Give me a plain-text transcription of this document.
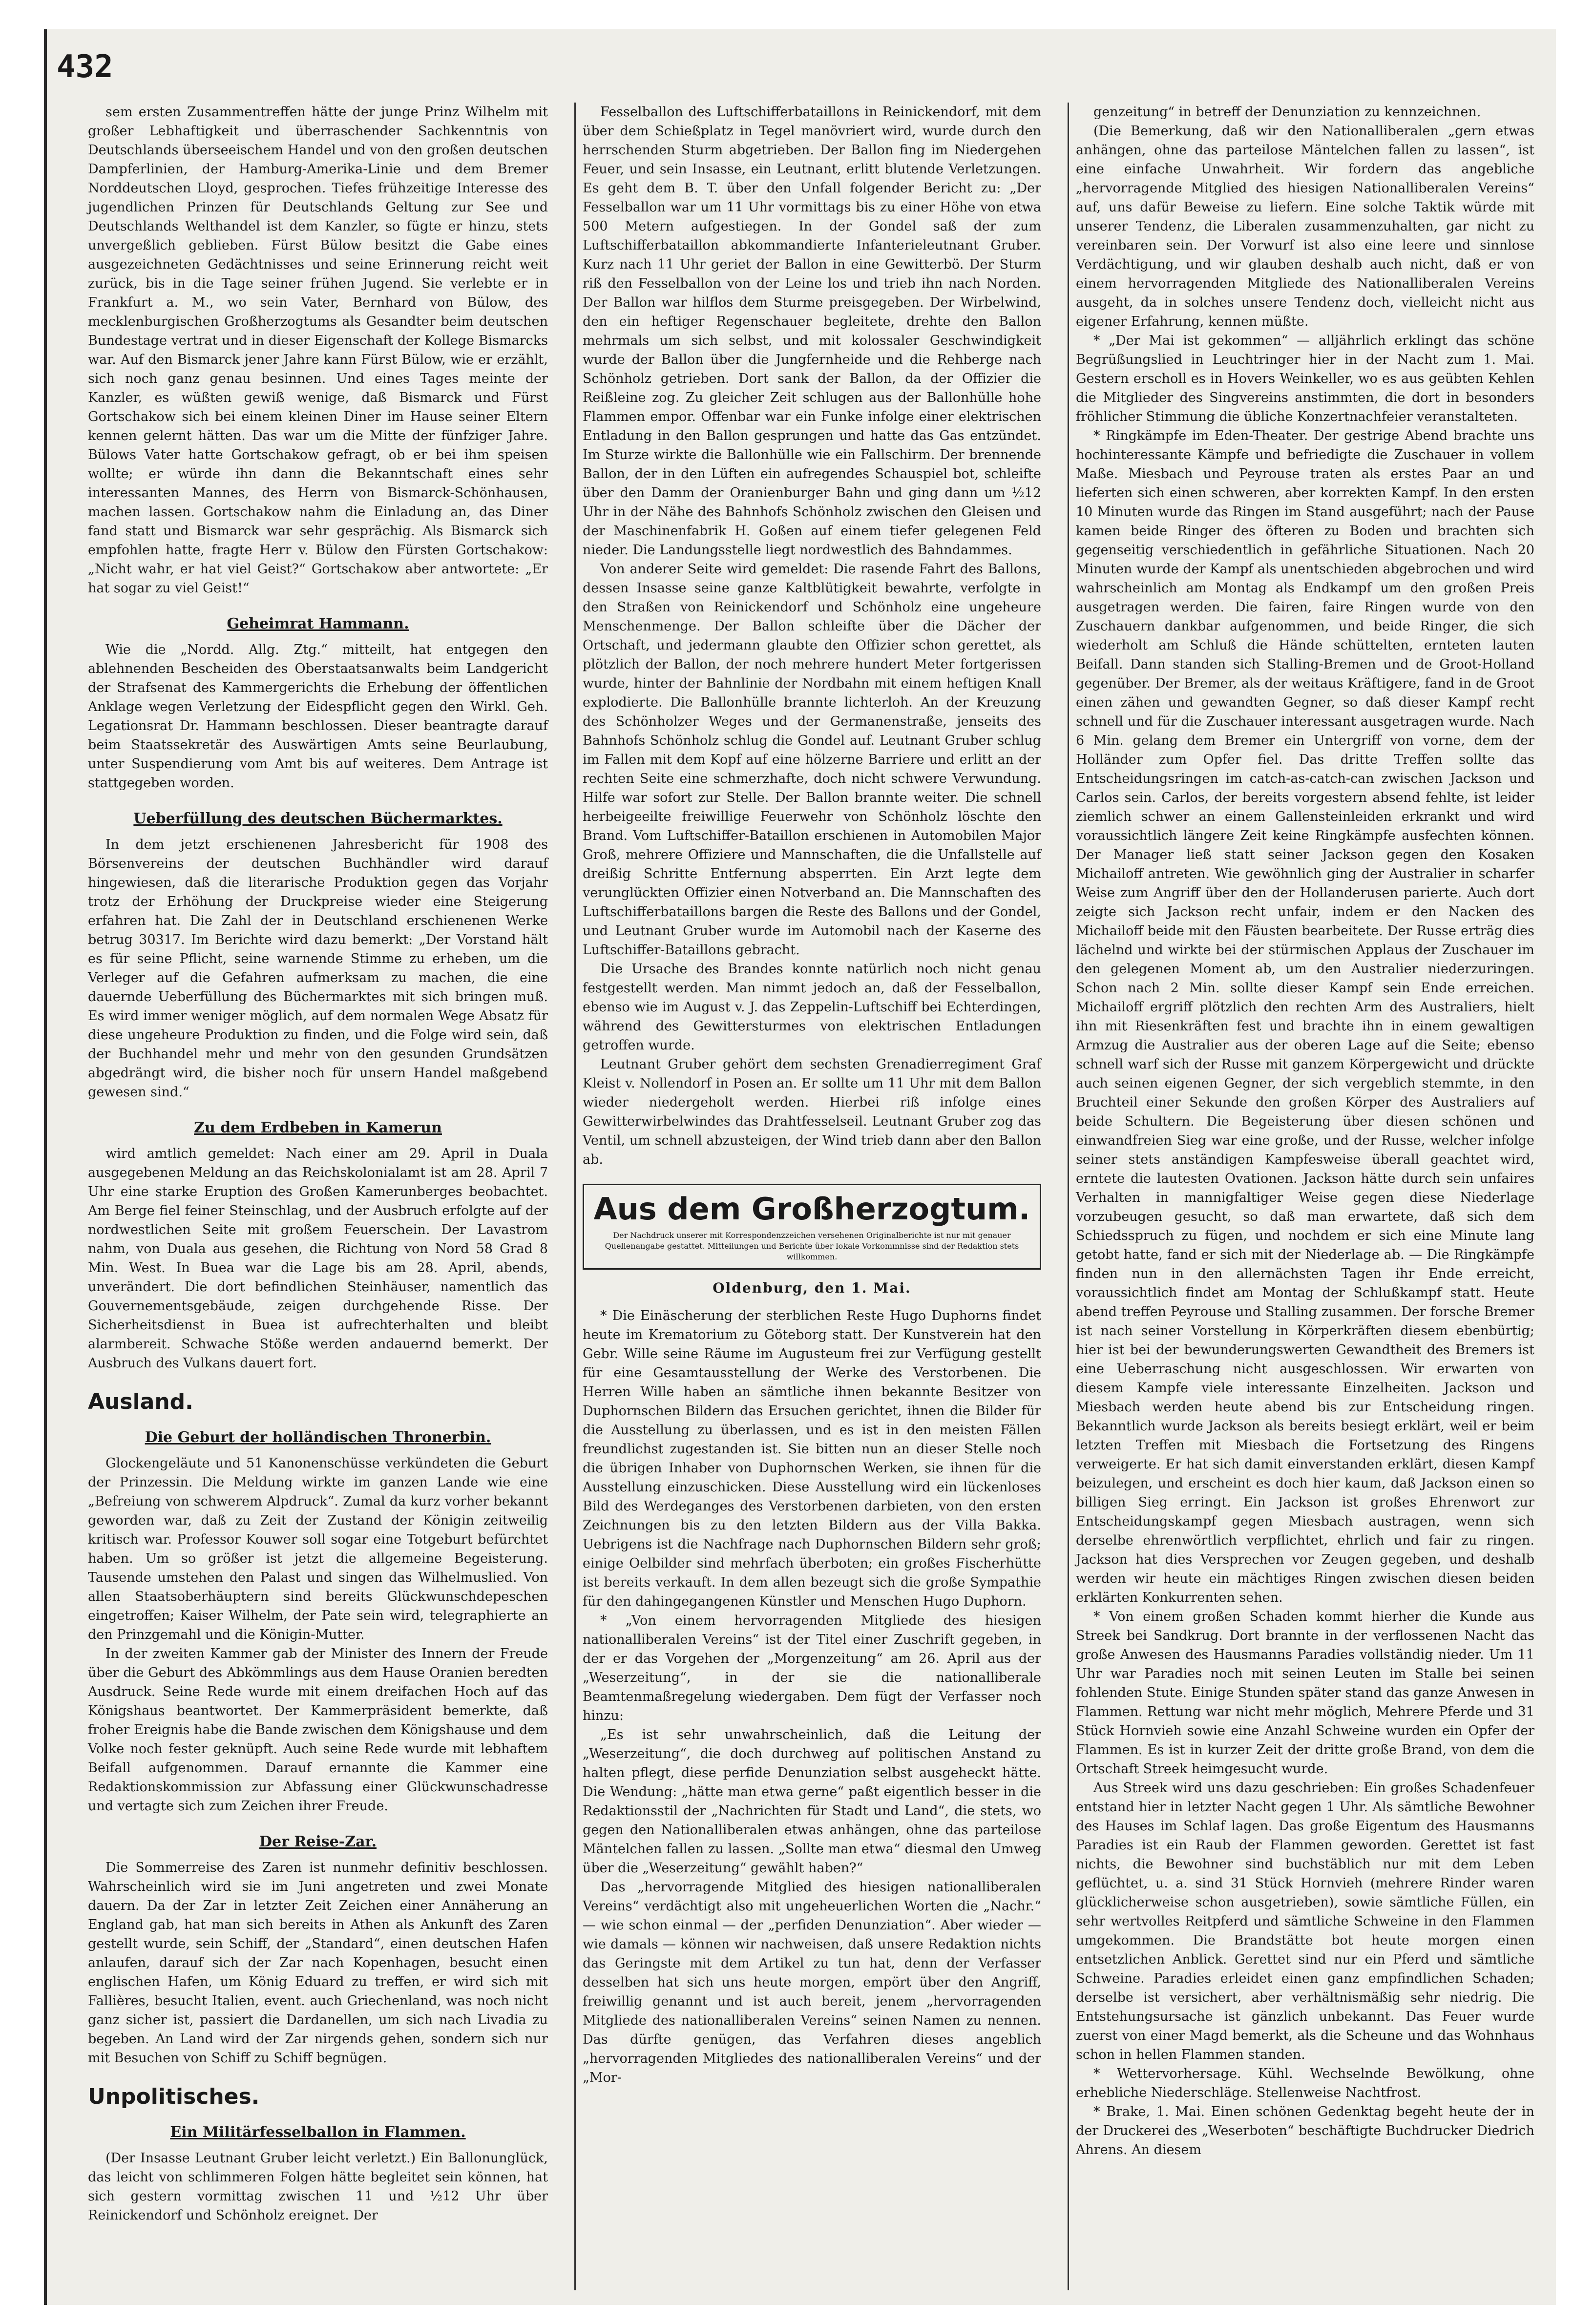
432

sem ersten Zusammentreffen hätte der junge Prinz Wilhelm mit großer Lebhaftigkeit und überraschender Sachkenntnis von Deutschlands überseeischem Handel und von den großen deutschen Dampferlinien, der Hamburg-Amerika-Linie und dem Bremer Norddeutschen Lloyd, gesprochen. Tiefes frühzeitige Interesse des jugendlichen Prinzen für Deutschlands Geltung zur See und Deutschlands Welthandel ist dem Kanzler, so fügte er hinzu, stets unvergeßlich geblieben. Fürst Bülow besitzt die Gabe eines ausgezeichneten Gedächtnisses und seine Erinnerung reicht weit zurück, bis in die Tage seiner frühen Jugend. Sie verlebte er in Frankfurt a. M., wo sein Vater, Bernhard von Bülow, des mecklenburgischen Großherzogtums als Gesandter beim deutschen Bundestage vertrat und in dieser Eigenschaft der Kollege Bismarcks war. Auf den Bismarck jener Jahre kann Fürst Bülow, wie er erzählt, sich noch ganz genau besinnen. Und eines Tages meinte der Kanzler, es wüßten gewiß wenige, daß Bismarck und Fürst Gortschakow sich bei einem kleinen Diner im Hause seiner Eltern kennen gelernt hätten. Das war um die Mitte der fünfziger Jahre. Bülows Vater hatte Gortschakow gefragt, ob er bei ihm speisen wollte; er würde ihn dann die Bekanntschaft eines sehr interessanten Mannes, des Herrn von Bismarck-Schönhausen, machen lassen. Gortschakow nahm die Einladung an, das Diner fand statt und Bismarck war sehr gesprächig. Als Bismarck sich empfohlen hatte, fragte Herr v. Bülow den Fürsten Gortschakow: „Nicht wahr, er hat viel Geist?“ Gortschakow aber antwortete: „Er hat sogar zu viel Geist!“

Geheimrat Hammann.

Wie die „Nordd. Allg. Ztg.“ mitteilt, hat entgegen den ablehnenden Bescheiden des Oberstaatsanwalts beim Landgericht der Strafsenat des Kammergerichts die Erhebung der öffentlichen Anklage wegen Verletzung der Eidespflicht gegen den Wirkl. Geh. Legationsrat Dr. Hammann beschlossen. Dieser beantragte darauf beim Staatssekretär des Auswärtigen Amts seine Beurlaubung, unter Suspendierung vom Amt bis auf weiteres. Dem Antrage ist stattgegeben worden.

Ueberfüllung des deutschen Büchermarktes.

In dem jetzt erschienenen Jahresbericht für 1908 des Börsenvereins der deutschen Buchhändler wird darauf hingewiesen, daß die literarische Produktion gegen das Vorjahr trotz der Erhöhung der Druckpreise wieder eine Steigerung erfahren hat. Die Zahl der in Deutschland erschienenen Werke betrug 30317. Im Berichte wird dazu bemerkt: „Der Vorstand hält es für seine Pflicht, seine warnende Stimme zu erheben, um die Verleger auf die Gefahren aufmerksam zu machen, die eine dauernde Ueberfüllung des Büchermarktes mit sich bringen muß. Es wird immer weniger möglich, auf dem normalen Wege Absatz für diese ungeheure Produktion zu finden, und die Folge wird sein, daß der Buchhandel mehr und mehr von den gesunden Grundsätzen abgedrängt wird, die bisher noch für unsern Handel maßgebend gewesen sind.“

Zu dem Erdbeben in Kamerun

wird amtlich gemeldet: Nach einer am 29. April in Duala ausgegebenen Meldung an das Reichskolonialamt ist am 28. April 7 Uhr eine starke Eruption des Großen Kamerunberges beobachtet. Am Berge fiel feiner Steinschlag, und der Ausbruch erfolgte auf der nordwestlichen Seite mit großem Feuerschein. Der Lavastrom nahm, von Duala aus gesehen, die Richtung von Nord 58 Grad 8 Min. West. In Buea war die Lage bis am 28. April, abends, unverändert. Die dort befindlichen Steinhäuser, namentlich das Gouvernementsgebäude, zeigen durchgehende Risse. Der Sicherheitsdienst in Buea ist aufrechterhalten und bleibt alarmbereit. Schwache Stöße werden andauernd bemerkt. Der Ausbruch des Vulkans dauert fort.

Ausland.
Die Geburt der holländischen Thronerbin.

Glockengeläute und 51 Kanonenschüsse verkündeten die Geburt der Prinzessin. Die Meldung wirkte im ganzen Lande wie eine „Befreiung von schwerem Alpdruck“. Zumal da kurz vorher bekannt geworden war, daß zu Zeit der Zustand der Königin zeitweilig kritisch war. Professor Kouwer soll sogar eine Totgeburt befürchtet haben. Um so größer ist jetzt die allgemeine Begeisterung. Tausende umstehen den Palast und singen das Wilhelmuslied. Von allen Staatsoberhäuptern sind bereits Glückwunschdepeschen eingetroffen; Kaiser Wilhelm, der Pate sein wird, telegraphierte an den Prinzgemahl und die Königin-Mutter.

In der zweiten Kammer gab der Minister des Innern der Freude über die Geburt des Abkömmlings aus dem Hause Oranien beredten Ausdruck. Seine Rede wurde mit einem dreifachen Hoch auf das Königshaus beantwortet. Der Kammerpräsident bemerkte, daß froher Ereignis habe die Bande zwischen dem Königshause und dem Volke noch fester geknüpft. Auch seine Rede wurde mit lebhaftem Beifall aufgenommen. Darauf ernannte die Kammer eine Redaktionskommission zur Abfassung einer Glückwunschadresse und vertagte sich zum Zeichen ihrer Freude.

Der Reise-Zar.

Die Sommerreise des Zaren ist nunmehr definitiv beschlossen. Wahrscheinlich wird sie im Juni angetreten und zwei Monate dauern. Da der Zar in letzter Zeit Zeichen einer Annäherung an England gab, hat man sich bereits in Athen als Ankunft des Zaren gestellt wurde, sein Schiff, der „Standard“, einen deutschen Hafen anlaufen, darauf sich der Zar nach Kopenhagen, besucht einen englischen Hafen, um König Eduard zu treffen, er wird sich mit Fallières, besucht Italien, event. auch Griechenland, was noch nicht ganz sicher ist, passiert die Dardanellen, um sich nach Livadia zu begeben. An Land wird der Zar nirgends gehen, sondern sich nur mit Besuchen von Schiff zu Schiff begnügen.

Unpolitisches.
Ein Militärfesselballon in Flammen.

(Der Insasse Leutnant Gruber leicht verletzt.) Ein Ballonunglück, das leicht von schlimmeren Folgen hätte begleitet sein können, hat sich gestern vormittag zwischen 11 und ½12 Uhr über Reinickendorf und Schönholz ereignet. Der

Fesselballon des Luftschifferbataillons in Reinickendorf, mit dem über dem Schießplatz in Tegel manövriert wird, wurde durch den herrschenden Sturm abgetrieben. Der Ballon fing im Niedergehen Feuer, und sein Insasse, ein Leutnant, erlitt blutende Verletzungen. Es geht dem B. T. über den Unfall folgender Bericht zu: „Der Fesselballon war um 11 Uhr vormittags bis zu einer Höhe von etwa 500 Metern aufgestiegen. In der Gondel saß der zum Luftschifferbataillon abkommandierte Infanterieleutnant Gruber. Kurz nach 11 Uhr geriet der Ballon in eine Gewitterbö. Der Sturm riß den Fesselballon von der Leine los und trieb ihn nach Norden. Der Ballon war hilflos dem Sturme preisgegeben. Der Wirbelwind, den ein heftiger Regenschauer begleitete, drehte den Ballon mehrmals um sich selbst, und mit kolossaler Geschwindigkeit wurde der Ballon über die Jungfernheide und die Rehberge nach Schönholz getrieben. Dort sank der Ballon, da der Offizier die Reißleine zog. Zu gleicher Zeit schlugen aus der Ballonhülle hohe Flammen empor. Offenbar war ein Funke infolge einer elektrischen Entladung in den Ballon gesprungen und hatte das Gas entzündet. Im Sturze wirkte die Ballonhülle wie ein Fallschirm. Der brennende Ballon, der in den Lüften ein aufregendes Schauspiel bot, schleifte über den Damm der Oranienburger Bahn und ging dann um ½12 Uhr in der Nähe des Bahnhofs Schönholz zwischen den Gleisen und der Maschinenfabrik H. Goßen auf einem tiefer gelegenen Feld nieder. Die Landungsstelle liegt nordwestlich des Bahndammes.

Von anderer Seite wird gemeldet: Die rasende Fahrt des Ballons, dessen Insasse seine ganze Kaltblütigkeit bewahrte, verfolgte in den Straßen von Reinickendorf und Schönholz eine ungeheure Menschenmenge. Der Ballon schleifte über die Dächer der Ortschaft, und jedermann glaubte den Offizier schon gerettet, als plötzlich der Ballon, der noch mehrere hundert Meter fortgerissen wurde, hinter der Bahnlinie der Nordbahn mit einem heftigen Knall explodierte. Die Ballonhülle brannte lichterloh. An der Kreuzung des Schönholzer Weges und der Germanenstraße, jenseits des Bahnhofs Schönholz schlug die Gondel auf. Leutnant Gruber schlug im Fallen mit dem Kopf auf eine hölzerne Barriere und erlitt an der rechten Seite eine schmerzhafte, doch nicht schwere Verwundung. Hilfe war sofort zur Stelle. Der Ballon brannte weiter. Die schnell herbeigeeilte freiwillige Feuerwehr von Schönholz löschte den Brand. Vom Luftschiffer-Bataillon erschienen in Automobilen Major Groß, mehrere Offiziere und Mannschaften, die die Unfallstelle auf dreißig Schritte Entfernung absperrten. Ein Arzt legte dem verunglückten Offizier einen Notverband an. Die Mannschaften des Luftschifferbataillons bargen die Reste des Ballons und der Gondel, und Leutnant Gruber wurde im Automobil nach der Kaserne des Luftschiffer-Bataillons gebracht.

Die Ursache des Brandes konnte natürlich noch nicht genau festgestellt werden. Man nimmt jedoch an, daß der Fesselballon, ebenso wie im August v. J. das Zeppelin-Luftschiff bei Echterdingen, während des Gewittersturmes von elektrischen Entladungen getroffen wurde.

Leutnant Gruber gehört dem sechsten Grenadierregiment Graf Kleist v. Nollendorf in Posen an. Er sollte um 11 Uhr mit dem Ballon wieder niedergeholt werden. Hierbei riß infolge eines Gewitterwirbelwindes das Drahtfesselseil. Leutnant Gruber zog das Ventil, um schnell abzusteigen, der Wind trieb dann aber den Ballon ab.

Aus dem Großherzogtum.
Der Nachdruck unserer mit Korrespondenzzeichen versehenen Originalberichte ist nur mit genauer Quellenangabe gestattet. Mitteilungen und Berichte über lokale Vorkommnisse sind der Redaktion stets willkommen.
Oldenburg, den 1. Mai.

* Die Einäscherung der sterblichen Reste Hugo Duphorns findet heute im Krematorium zu Göteborg statt. Der Kunstverein hat den Gebr. Wille seine Räume im Augusteum frei zur Verfügung gestellt für eine Gesamtausstellung der Werke des Verstorbenen. Die Herren Wille haben an sämtliche ihnen bekannte Besitzer von Duphornschen Bildern das Ersuchen gerichtet, ihnen die Bilder für die Ausstellung zu überlassen, und es ist in den meisten Fällen freundlichst zugestanden ist. Sie bitten nun an dieser Stelle noch die übrigen Inhaber von Duphornschen Werken, sie ihnen für die Ausstellung einzuschicken. Diese Ausstellung wird ein lückenloses Bild des Werdeganges des Verstorbenen darbieten, von den ersten Zeichnungen bis zu den letzten Bildern aus der Villa Bakka. Uebrigens ist die Nachfrage nach Duphornschen Bildern sehr groß; einige Oelbilder sind mehrfach überboten; ein großes Fischerhütte ist bereits verkauft. In dem allen bezeugt sich die große Sympathie für den dahingegangenen Künstler und Menschen Hugo Duphorn.

* „Von einem hervorragenden Mitgliede des hiesigen nationalliberalen Vereins“ ist der Titel einer Zuschrift gegeben, in der er das Vorgehen der „Morgenzeitung“ am 26. April aus der „Weserzeitung“, in der sie die nationalliberale Beamtenmaßregelung wiedergaben. Dem fügt der Verfasser noch hinzu:

„Es ist sehr unwahrscheinlich, daß die Leitung der „Weserzeitung“, die doch durchweg auf politischen Anstand zu halten pflegt, diese perfide Denunziation selbst ausgeheckt hätte. Die Wendung: „hätte man etwa gerne“ paßt eigentlich besser in die Redaktionsstil der „Nachrichten für Stadt und Land“, die stets, wo gegen den Nationalliberalen etwas anhängen, ohne das parteilose Mäntelchen fallen zu lassen. „Sollte man etwa“ diesmal den Umweg über die „Weserzeitung“ gewählt haben?“

Das „hervorragende Mitglied des hiesigen nationalliberalen Vereins“ verdächtigt also mit ungeheuerlichen Worten die „Nachr.“ — wie schon einmal — der „perfiden Denunziation“. Aber wieder — wie damals — können wir nachweisen, daß unsere Redaktion nichts das Geringste mit dem Artikel zu tun hat, denn der Verfasser desselben hat sich uns heute morgen, empört über den Angriff, freiwillig genannt und ist auch bereit, jenem „hervorragenden Mitgliede des nationalliberalen Vereins“ seinen Namen zu nennen. Das dürfte genügen, das Verfahren dieses angeblich „hervorragenden Mitgliedes des nationalliberalen Vereins“ und der „Mor-

genzeitung“ in betreff der Denunziation zu kennzeichnen.

(Die Bemerkung, daß wir den Nationalliberalen „gern etwas anhängen, ohne das parteilose Mäntelchen fallen zu lassen“, ist eine einfache Unwahrheit. Wir fordern das angebliche „hervorragende Mitglied des hiesigen Nationalliberalen Vereins“ auf, uns dafür Beweise zu liefern. Eine solche Taktik würde mit unserer Tendenz, die Liberalen zusammenzuhalten, gar nicht zu vereinbaren sein. Der Vorwurf ist also eine leere und sinnlose Verdächtigung, und wir glauben deshalb auch nicht, daß er von einem hervorragenden Mitgliede des Nationalliberalen Vereins ausgeht, da in solches unsere Tendenz doch, vielleicht nicht aus eigener Erfahrung, kennen müßte.

* „Der Mai ist gekommen“ — alljährlich erklingt das schöne Begrüßungslied in Leuchtringer hier in der Nacht zum 1. Mai. Gestern erscholl es in Hovers Weinkeller, wo es aus geübten Kehlen die Mitglieder des Singvereins anstimmten, die dort in besonders fröhlicher Stimmung die übliche Konzertnachfeier veranstalteten.

* Ringkämpfe im Eden-Theater. Der gestrige Abend brachte uns hochinteressante Kämpfe und befriedigte die Zuschauer in vollem Maße. Miesbach und Peyrouse traten als erstes Paar an und lieferten sich einen schweren, aber korrekten Kampf. In den ersten 10 Minuten wurde das Ringen im Stand ausgeführt; nach der Pause kamen beide Ringer des öfteren zu Boden und brachten sich gegenseitig verschiedentlich in gefährliche Situationen. Nach 20 Minuten wurde der Kampf als unentschieden abgebrochen und wird wahrscheinlich am Montag als Endkampf um den großen Preis ausgetragen werden. Die fairen, faire Ringen wurde von den Zuschauern dankbar aufgenommen, und beide Ringer, die sich wiederholt am Schluß die Hände schüttelten, ernteten lauten Beifall. Dann standen sich Stalling-Bremen und de Groot-Holland gegenüber. Der Bremer, als der weitaus Kräftigere, fand in de Groot einen zähen und gewandten Gegner, so daß dieser Kampf recht schnell und für die Zuschauer interessant ausgetragen wurde. Nach 6 Min. gelang dem Bremer ein Untergriff von vorne, dem der Holländer zum Opfer fiel. Das dritte Treffen sollte das Entscheidungsringen im catch-as-catch-can zwischen Jackson und Carlos sein. Carlos, der bereits vorgestern absend fehlte, ist leider ziemlich schwer an einem Gallensteinleiden erkrankt und wird voraussichtlich längere Zeit keine Ringkämpfe ausfechten können. Der Manager ließ statt seiner Jackson gegen den Kosaken Michailoff antreten. Wie gewöhnlich ging der Australier in scharfer Weise zum Angriff über den der Hollanderusen parierte. Auch dort zeigte sich Jackson recht unfair, indem er den Nacken des Michailoff beide mit den Fäusten bearbeitete. Der Russe erträg dies lächelnd und wirkte bei der stürmischen Applaus der Zuschauer im den gelegenen Moment ab, um den Australier niederzuringen. Schon nach 2 Min. sollte dieser Kampf sein Ende erreichen. Michailoff ergriff plötzlich den rechten Arm des Australiers, hielt ihn mit Riesenkräften fest und brachte ihn in einem gewaltigen Armzug die Australier aus der oberen Lage auf die Seite; ebenso schnell warf sich der Russe mit ganzem Körpergewicht und drückte auch seinen eigenen Gegner, der sich vergeblich stemmte, in den Bruchteil einer Sekunde den großen Körper des Australiers auf beide Schultern. Die Begeisterung über diesen schönen und einwandfreien Sieg war eine große, und der Russe, welcher infolge seiner stets anständigen Kampfesweise überall geachtet wird, erntete die lautesten Ovationen. Jackson hätte durch sein unfaires Verhalten in mannigfaltiger Weise gegen diese Niederlage vorzubeugen gesucht, so daß man erwartete, daß sich dem Schiedsspruch zu fügen, und nochdem er sich eine Minute lang getobt hatte, fand er sich mit der Niederlage ab. — Die Ringkämpfe finden nun in den allernächsten Tagen ihr Ende erreicht, voraussichtlich findet am Montag der Schlußkampf statt. Heute abend treffen Peyrouse und Stalling zusammen. Der forsche Bremer ist nach seiner Vorstellung in Körperkräften diesem ebenbürtig; hier ist bei der bewunderungswerten Gewandtheit des Bremers ist eine Ueberraschung nicht ausgeschlossen. Wir erwarten von diesem Kampfe viele interessante Einzelheiten. Jackson und Miesbach werden heute abend bis zur Entscheidung ringen. Bekanntlich wurde Jackson als bereits besiegt erklärt, weil er beim letzten Treffen mit Miesbach die Fortsetzung des Ringens verweigerte. Er hat sich damit einverstanden erklärt, diesen Kampf beizulegen, und erscheint es doch hier kaum, daß Jackson einen so billigen Sieg erringt. Ein Jackson ist großes Ehrenwort zur Entscheidungskampf gegen Miesbach austragen, wenn sich derselbe ehrenwörtlich verpflichtet, ehrlich und fair zu ringen. Jackson hat dies Versprechen vor Zeugen gegeben, und deshalb werden wir heute ein mächtiges Ringen zwischen diesen beiden erklärten Konkurrenten sehen.

* Von einem großen Schaden kommt hierher die Kunde aus Streek bei Sandkrug. Dort brannte in der verflossenen Nacht das große Anwesen des Hausmanns Paradies vollständig nieder. Um 11 Uhr war Paradies noch mit seinen Leuten im Stalle bei seinen fohlenden Stute. Einige Stunden später stand das ganze Anwesen in Flammen. Rettung war nicht mehr möglich, Mehrere Pferde und 31 Stück Hornvieh sowie eine Anzahl Schweine wurden ein Opfer der Flammen. Es ist in kurzer Zeit der dritte große Brand, von dem die Ortschaft Streek heimgesucht wurde.

Aus Streek wird uns dazu geschrieben: Ein großes Schadenfeuer entstand hier in letzter Nacht gegen 1 Uhr. Als sämtliche Bewohner des Hauses im Schlaf lagen. Das große Eigentum des Hausmanns Paradies ist ein Raub der Flammen geworden. Gerettet ist fast nichts, die Bewohner sind buchstäblich nur mit dem Leben geflüchtet, u. a. sind 31 Stück Hornvieh (mehrere Rinder waren glücklicherweise schon ausgetrieben), sowie sämtliche Füllen, ein sehr wertvolles Reitpferd und sämtliche Schweine in den Flammen umgekommen. Die Brandstätte bot heute morgen einen entsetzlichen Anblick. Gerettet sind nur ein Pferd und sämtliche Schweine. Paradies erleidet einen ganz empfindlichen Schaden; derselbe ist versichert, aber verhältnismäßig sehr niedrig. Die Entstehungsursache ist gänzlich unbekannt. Das Feuer wurde zuerst von einer Magd bemerkt, als die Scheune und das Wohnhaus schon in hellen Flammen standen.

* Wettervorhersage. Kühl. Wechselnde Bewölkung, ohne erhebliche Niederschläge. Stellenweise Nachtfrost.

* Brake, 1. Mai. Einen schönen Gedenktag begeht heute der in der Druckerei des „Weserboten“ beschäftigte Buchdrucker Diedrich Ahrens. An diesem
